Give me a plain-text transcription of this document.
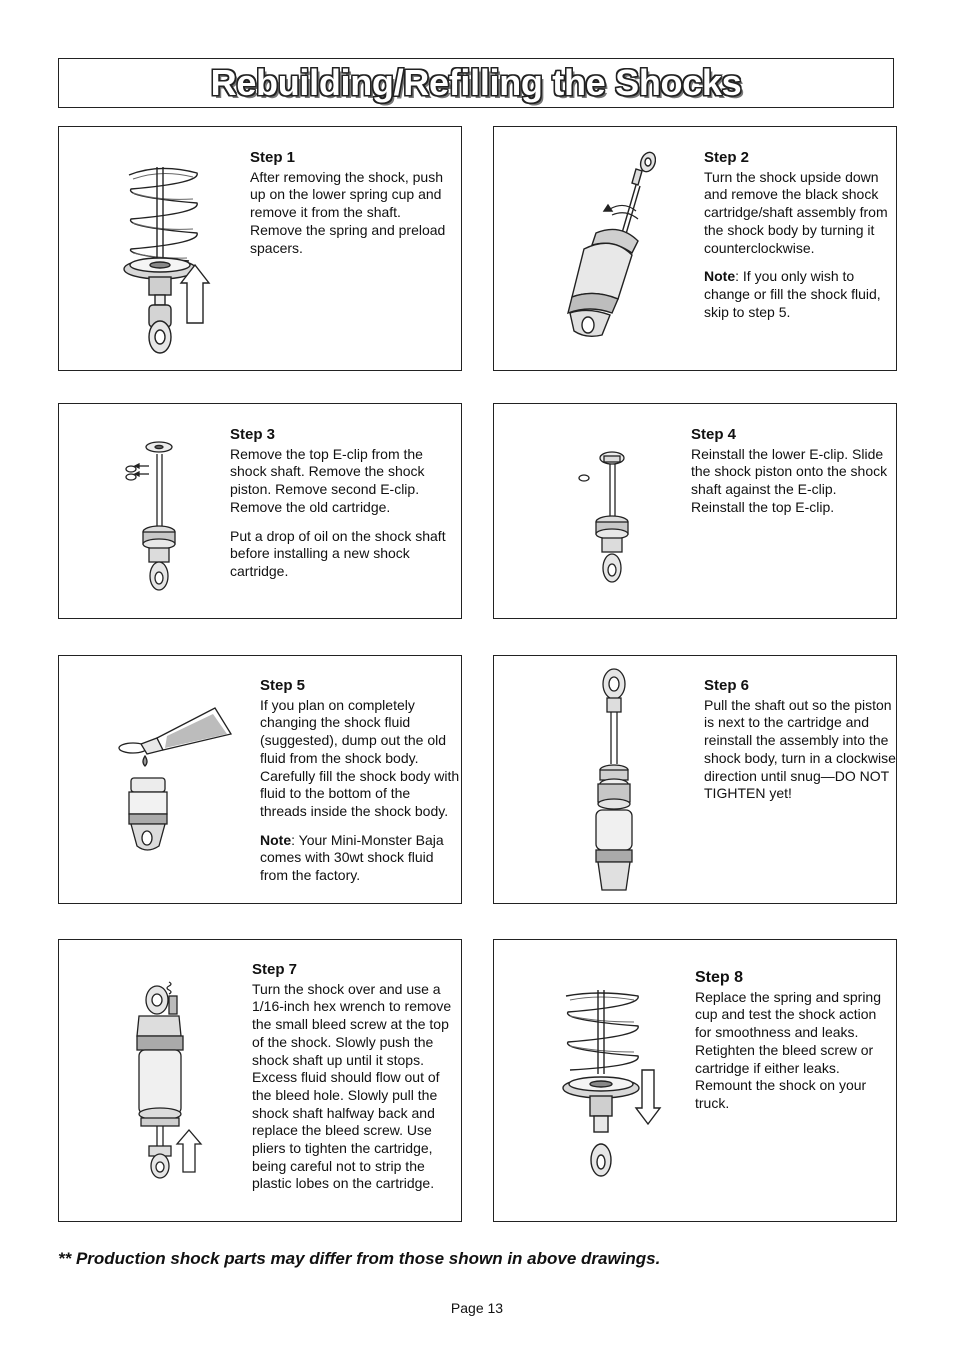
Rebuilding/Refilling the Shocks
Step 1

After removing the shock, push up on the lower spring cup and remove it from the shaft. Remove the spring and preload spacers.

Step 2

Turn the shock upside down and remove the black shock cartridge/shaft assembly from the shock body by turning it counterclockwise.

Note: If you only wish to change or fill the shock fluid, skip to step 5.

Step 3

Remove the top E-clip from the shock shaft. Remove the shock piston. Remove second E-clip. Remove the old cartridge.

Put a drop of oil on the shock shaft before installing a new shock cartridge.

Step 4

Reinstall the lower E-clip. Slide the shock piston onto the shock shaft against the E-clip. Reinstall the top E-clip.

Step 5

If you plan on completely changing the shock fluid (suggested), dump out the old fluid from the shock body. Carefully fill the shock body with fluid to the bottom of the threads inside the shock body.

Note: Your Mini-Monster Baja comes with 30wt shock fluid from the factory.

Step 6

Pull the shaft out so the piston is next to the cartridge and reinstall the assembly into the shock body, turn in a clockwise direction until snug—DO NOT TIGHTEN yet!

Step 7

Turn the shock over and use a 1/16-inch hex wrench to remove the small bleed screw at the top of the shock. Slowly push the shock shaft up until it stops. Excess fluid should flow out of the bleed hole. Slowly pull the shock shaft halfway back and replace the bleed screw. Use pliers to tighten the cartridge, being careful not to strip the plastic lobes on the cartridge.

Step 8

Replace the spring and spring cup and test the shock action for smoothness and leaks. Retighten the bleed screw or cartridge if either leaks. Remount the shock on your truck.

** Production shock parts may differ from those shown in above drawings.
Page 13
